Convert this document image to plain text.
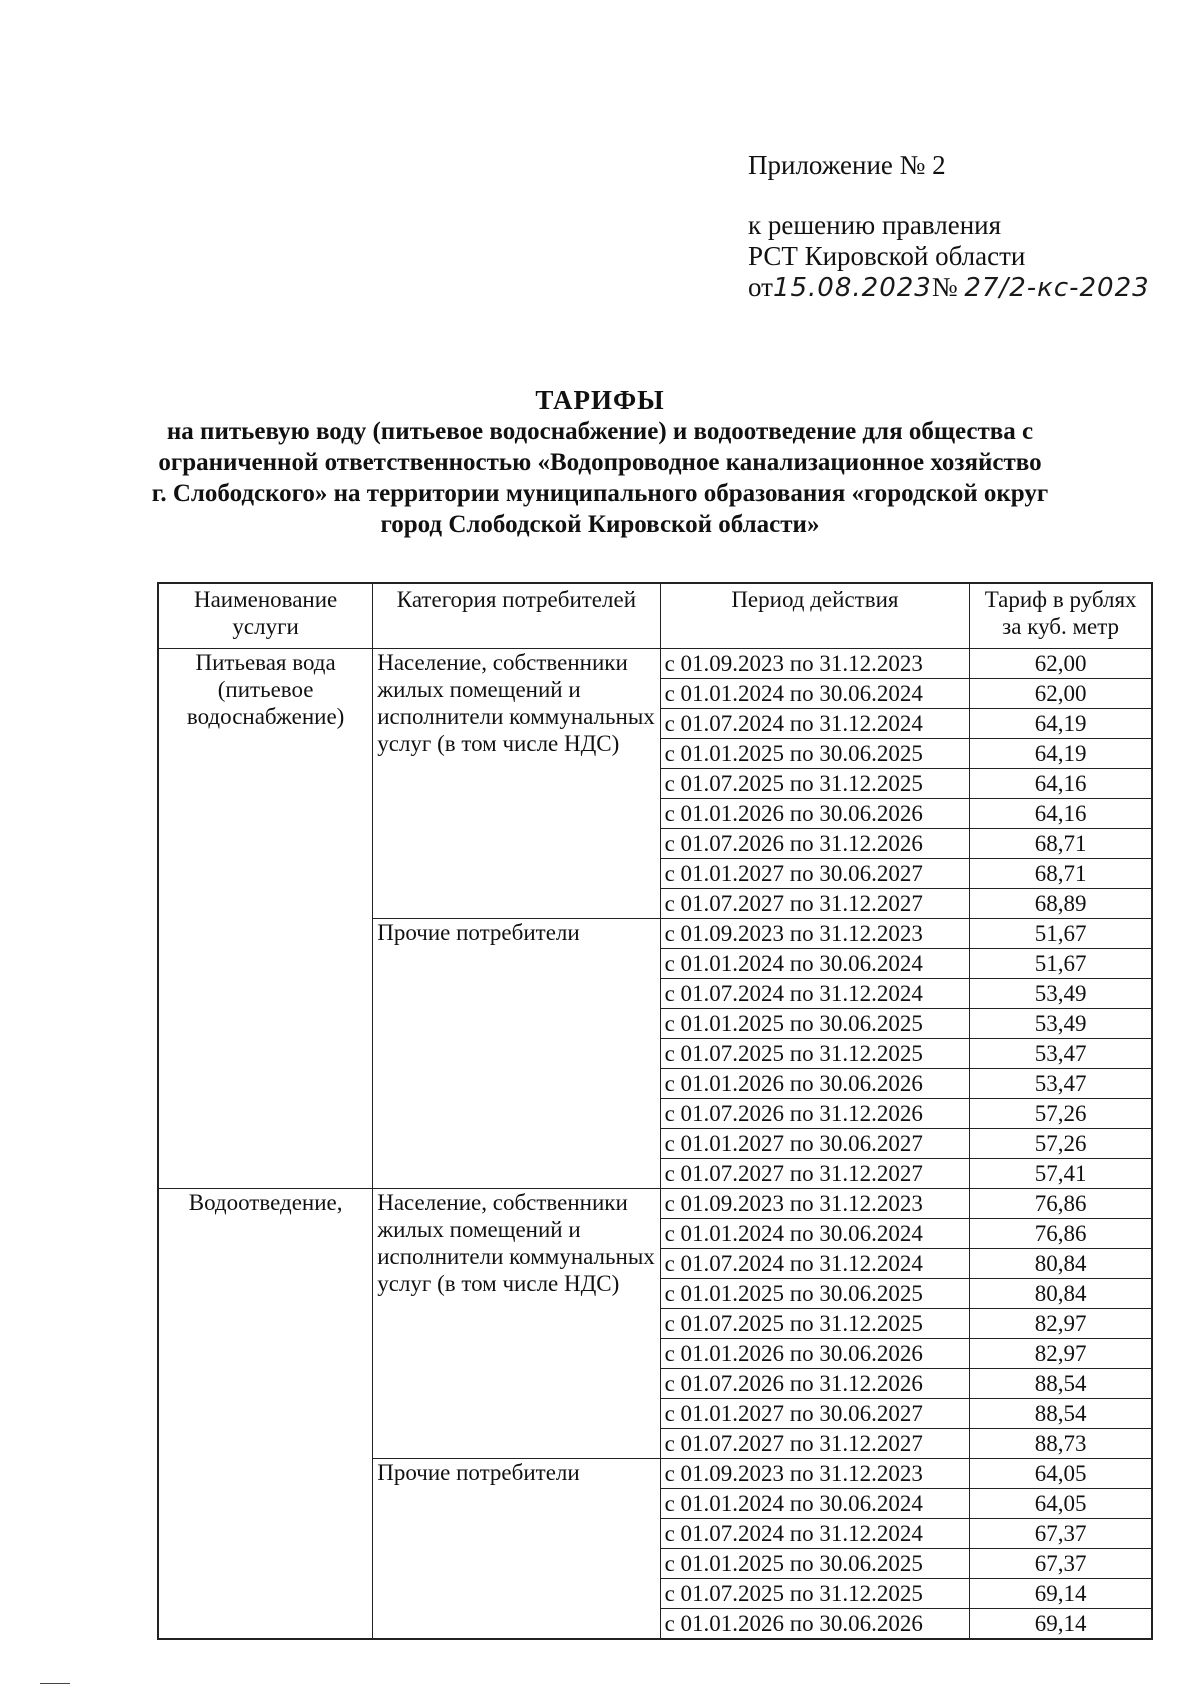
Приложение № 2
к решению правления
РСТ Кировской области
от15.08.2023№ 27/2-кс-2023
ТАРИФЫ
на питьевую воду (питьевое водоснабжение) и водоотведение для общества с ограниченной ответственностью «Водопроводное канализационное хозяйство г. Слободского» на территории муниципального образования «городской округ город Слободской Кировской области»
Наименование услуги	Категория потребителей	Период действия	Тариф в рублях за куб. метр
Питьевая вода (питьевое водоснабжение)	Население, собственники жилых помещений и исполнители коммунальных услуг (в том числе НДС)	с 01.09.2023 по 31.12.2023	62,00
		с 01.01.2024 по 30.06.2024	62,00
		с 01.07.2024 по 31.12.2024	64,19
		с 01.01.2025 по 30.06.2025	64,19
		с 01.07.2025 по 31.12.2025	64,16
		с 01.01.2026 по 30.06.2026	64,16
		с 01.07.2026 по 31.12.2026	68,71
		с 01.01.2027 по 30.06.2027	68,71
		с 01.07.2027 по 31.12.2027	68,89
	Прочие потребители	с 01.09.2023 по 31.12.2023	51,67
		с 01.01.2024 по 30.06.2024	51,67
		с 01.07.2024 по 31.12.2024	53,49
		с 01.01.2025 по 30.06.2025	53,49
		с 01.07.2025 по 31.12.2025	53,47
		с 01.01.2026 по 30.06.2026	53,47
		с 01.07.2026 по 31.12.2026	57,26
		с 01.01.2027 по 30.06.2027	57,26
		с 01.07.2027 по 31.12.2027	57,41
Водоотведение,	Население, собственники жилых помещений и исполнители коммунальных услуг (в том числе НДС)	с 01.09.2023 по 31.12.2023	76,86
		с 01.01.2024 по 30.06.2024	76,86
		с 01.07.2024 по 31.12.2024	80,84
		с 01.01.2025 по 30.06.2025	80,84
		с 01.07.2025 по 31.12.2025	82,97
		с 01.01.2026 по 30.06.2026	82,97
		с 01.07.2026 по 31.12.2026	88,54
		с 01.01.2027 по 30.06.2027	88,54
		с 01.07.2027 по 31.12.2027	88,73
	Прочие потребители	с 01.09.2023 по 31.12.2023	64,05
		с 01.01.2024 по 30.06.2024	64,05
		с 01.07.2024 по 31.12.2024	67,37
		с 01.01.2025 по 30.06.2025	67,37
		с 01.07.2025 по 31.12.2025	69,14
		с 01.01.2026 по 30.06.2026	69,14
